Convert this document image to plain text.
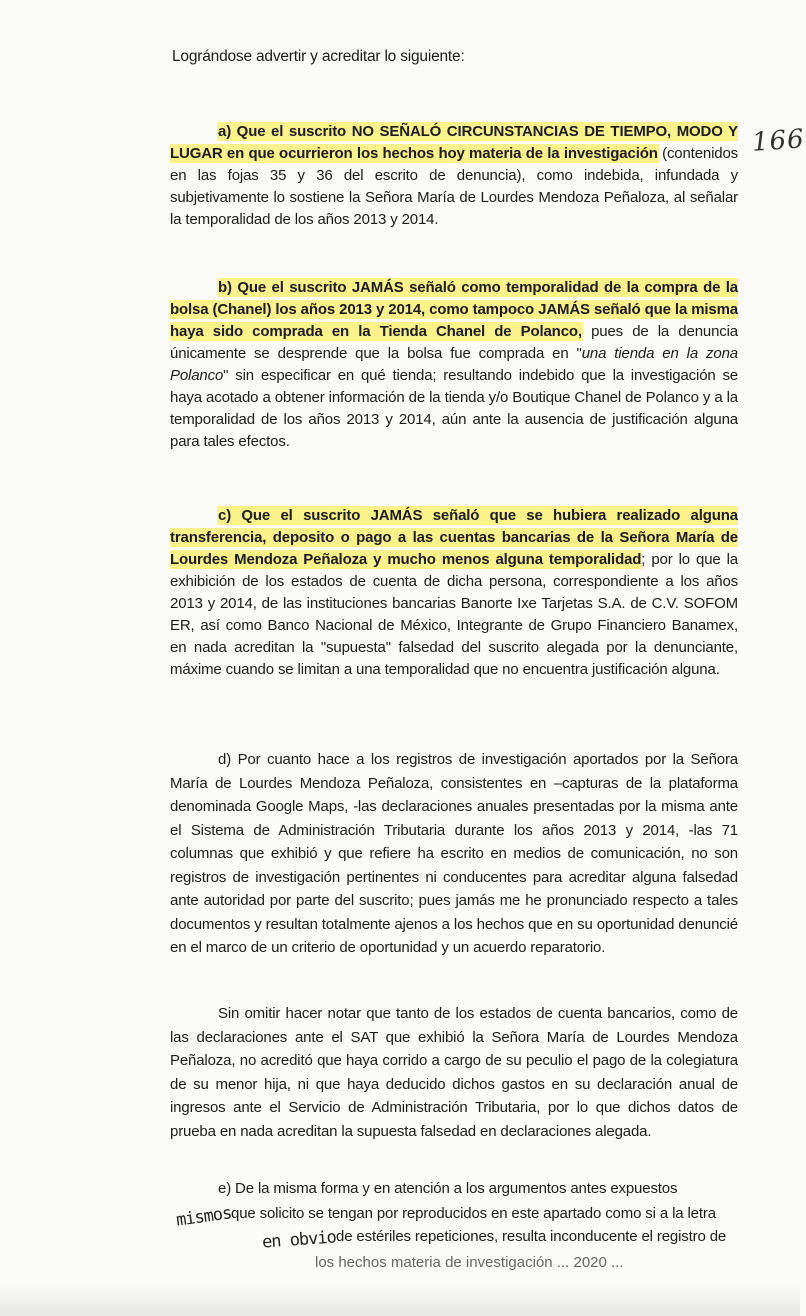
Lográndose advertir y acreditar lo siguiente:
166
a) Que el suscrito NO SEÑALÓ CIRCUNSTANCIAS DE TIEMPO, MODO Y LUGAR en que ocurrieron los hechos hoy materia de la investigación (contenidos en las fojas 35 y 36 del escrito de denuncia), como indebida, infundada y subjetivamente lo sostiene la Señora María de Lourdes Mendoza Peñaloza, al señalar la temporalidad de los años 2013 y 2014.
b) Que el suscrito JAMÁS señaló como temporalidad de la compra de la bolsa (Chanel) los años 2013 y 2014, como tampoco JAMÁS señaló que la misma haya sido comprada en la Tienda Chanel de Polanco, pues de la denuncia únicamente se desprende que la bolsa fue comprada en "una tienda en la zona Polanco" sin especificar en qué tienda; resultando indebido que la investigación se haya acotado a obtener información de la tienda y/o Boutique Chanel de Polanco y a la temporalidad de los años 2013 y 2014, aún ante la ausencia de justificación alguna para tales efectos.
c) Que el suscrito JAMÁS señaló que se hubiera realizado alguna transferencia, deposito o pago a las cuentas bancarias de la Señora María de Lourdes Mendoza Peñaloza y mucho menos alguna temporalidad; por lo que la exhibición de los estados de cuenta de dicha persona, correspondiente a los años 2013 y 2014, de las instituciones bancarias Banorte Ixe Tarjetas S.A. de C.V. SOFOM ER, así como Banco Nacional de México, Integrante de Grupo Financiero Banamex, en nada acreditan la "supuesta" falsedad del suscrito alegada por la denunciante, máxime cuando se limitan a una temporalidad que no encuentra justificación alguna.
d) Por cuanto hace a los registros de investigación aportados por la Señora María de Lourdes Mendoza Peñaloza, consistentes en –capturas de la plataforma denominada Google Maps, -las declaraciones anuales presentadas por la misma ante el Sistema de Administración Tributaria durante los años 2013 y 2014, -las 71 columnas que exhibió y que refiere ha escrito en medios de comunicación, no son registros de investigación pertinentes ni conducentes para acreditar alguna falsedad ante autoridad por parte del suscrito; pues jamás me he pronunciado respecto a tales documentos y resultan totalmente ajenos a los hechos que en su oportunidad denuncié en el marco de un criterio de oportunidad y un acuerdo reparatorio.
Sin omitir hacer notar que tanto de los estados de cuenta bancarios, como de las declaraciones ante el SAT que exhibió la Señora María de Lourdes Mendoza Peñaloza, no acreditó que haya corrido a cargo de su peculio el pago de la colegiatura de su menor hija, ni que haya deducido dichos gastos en su declaración anual de ingresos ante el Servicio de Administración Tributaria, por lo que dichos datos de prueba en nada acreditan la supuesta falsedad en declaraciones alegada.
e) De la misma forma y en atención a los argumentos antes expuestos
que solicito se tengan por reproducidos en este apartado como si a la letra
de estériles repeticiones, resulta inconducente el registro de
mismos
en obvio
los hechos materia de investigación ... 2020 ...
